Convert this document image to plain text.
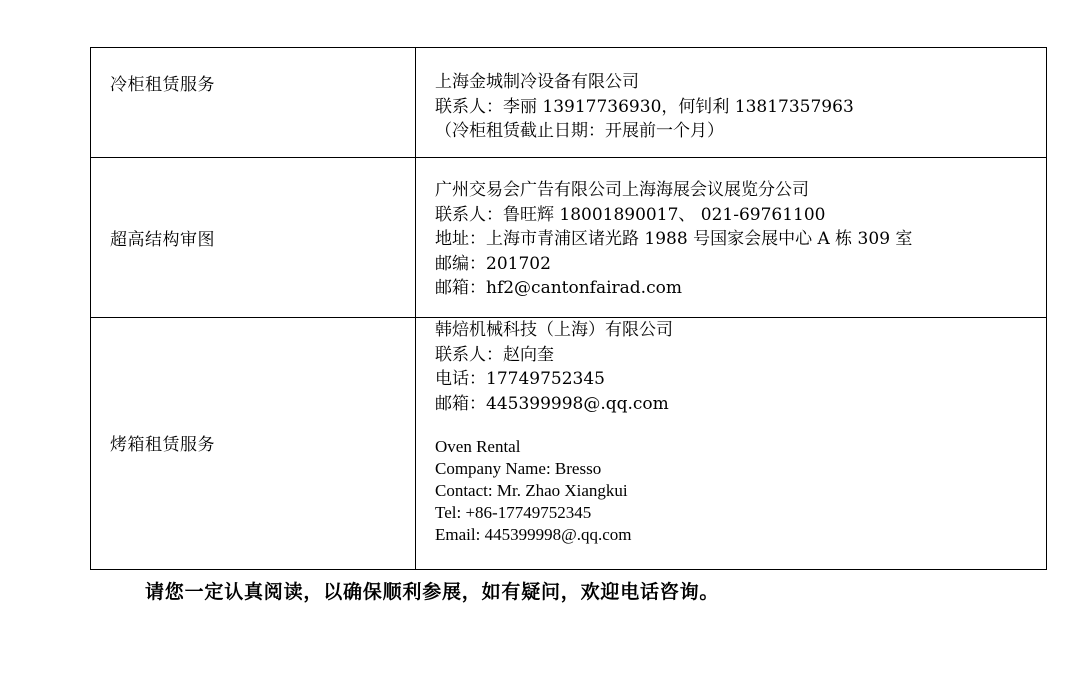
冷柜租赁服务	上海金城制冷设备有限公司
联系人：李丽 13917736930，何钊利 13817357963
（冷柜租赁截止日期：开展前一个月）
超高结构审图
广州交易会广告有限公司上海海展会议展览分公司
联系人：鲁旺辉 18001890017、 021-69761100
地址：上海市青浦区诸光路 1988 号国家会展中心 A 栋 309 室
邮编：201702
邮箱：hf2@cantonfairad.com
烤箱租赁服务
韩焙机械科技（上海）有限公司
联系人：赵向奎
电话：17749752345
邮箱：445399998@.qq.com
Oven Rental
Company Name: Bresso
Contact: Mr. Zhao Xiangkui
Tel: +86-17749752345
Email: 445399998@.qq.com
请您一定认真阅读，以确保顺利参展，如有疑问，欢迎电话咨询。
